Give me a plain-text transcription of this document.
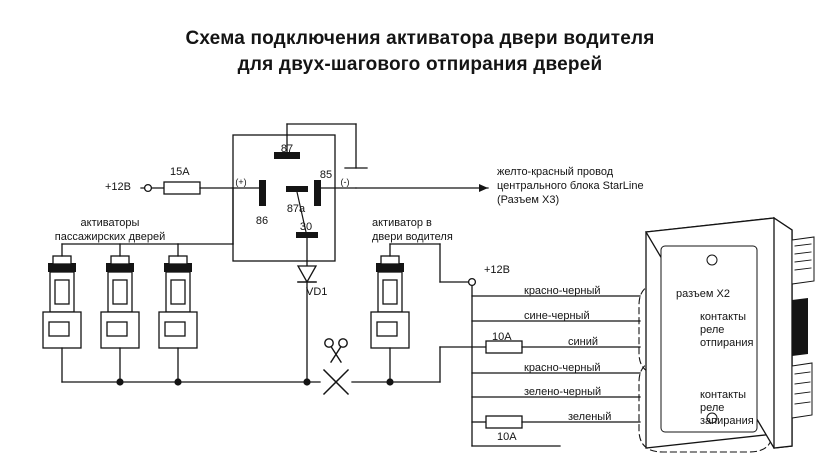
Схема подключения активатора двери водителя
для двух-шагового отпирания дверей
87
85
86
87a
30
(+)	(-)
+12В
15A
активаторы
пассажирских дверей
активатор в
двери водителя
VD1
желто-красный провод
центрального блока StarLine
(Разъем X3)
+12В
красно-черный
сине-черный
10A	синий
красно-черный
зелено-черный
зеленый
10A
разъем X2
контакты
реле
отпирания
контакты
реле
запирания
